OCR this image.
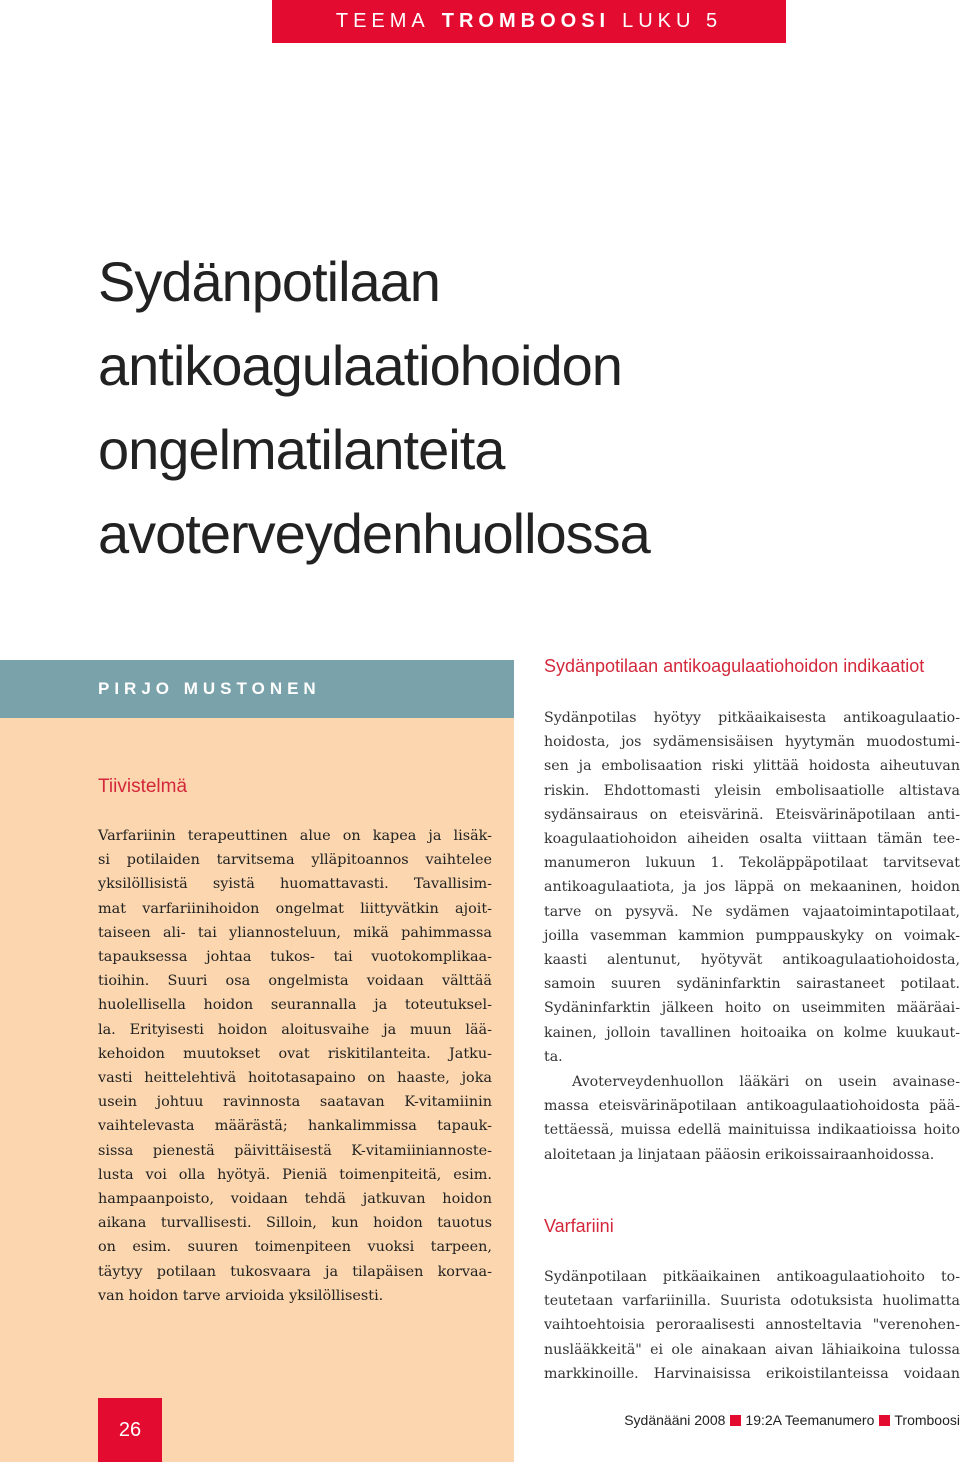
TEEMA TROMBOOSI LUKU 5
Sydänpotilaan
antikoagulaatiohoidon
ongelmatilanteita
avoterveydenhuollossa
PIRJO MUSTONEN
Tiivistelmä

Varfariinin terapeuttinen alue on kapea ja lisäk-

si potilaiden tarvitsema ylläpitoannos vaihtelee

yksilöllisistä syistä huomattavasti. Tavallisim-

mat varfariinihoidon ongelmat liittyvätkin ajoit-

taiseen ali- tai yliannosteluun, mikä pahimmassa

tapauksessa johtaa tukos- tai vuotokomplikaa-

tioihin. Suuri osa ongelmista voidaan välttää

huolellisella hoidon seurannalla ja toteutuksel-

la. Erityisesti hoidon aloitusvaihe ja muun lää-

kehoidon muutokset ovat riskitilanteita. Jatku-

vasti heittelehtivä hoitotasapaino on haaste, joka

usein johtuu ravinnosta saatavan K-vitamiinin

vaihtelevasta määrästä; hankalimmissa tapauk-

sissa pienestä päivittäisestä K-vitamiiniannoste-

lusta voi olla hyötyä. Pieniä toimenpiteitä, esim.

hampaanpoisto, voidaan tehdä jatkuvan hoidon

aikana turvallisesti. Silloin, kun hoidon tauotus

on esim. suuren toimenpiteen vuoksi tarpeen,

täytyy potilaan tukosvaara ja tilapäisen korvaa-

van hoidon tarve arvioida yksilöllisesti.

26
Sydänpotilaan antikoagulaatiohoidon indikaatiot

Sydänpotilas hyötyy pitkäaikaisesta antikoagulaatio-

hoidosta, jos sydämensisäisen hyytymän muodostumi-

sen ja embolisaation riski ylittää hoidosta aiheutuvan

riskin. Ehdottomasti yleisin embolisaatiolle altistava

sydänsairaus on eteisvärinä. Eteisvärinäpotilaan anti-

koagulaatiohoidon aiheiden osalta viittaan tämän tee-

manumeron lukuun 1. Tekoläppäpotilaat tarvitsevat

antikoagulaatiota, ja jos läppä on mekaaninen, hoidon

tarve on pysyvä. Ne sydämen vajaatoimintapotilaat,

joilla vasemman kammion pumppauskyky on voimak-

kaasti alentunut, hyötyvät antikoagulaatiohoidosta,

samoin suuren sydäninfarktin sairastaneet potilaat.

Sydäninfarktin jälkeen hoito on useimmiten määräai-

kainen, jolloin tavallinen hoitoaika on kolme kuukaut-

ta.

Avoterveydenhuollon lääkäri on usein avainase-

massa eteisvärinäpotilaan antikoagulaatiohoidosta pää-

tettäessä, muissa edellä mainituissa indikaatioissa hoito

aloitetaan ja linjataan pääosin erikoissairaanhoidossa.

Varfariini

Sydänpotilaan pitkäaikainen antikoagulaatiohoito to-

teutetaan varfariinilla. Suurista odotuksista huolimatta

vaihtoehtoisia peroraalisesti annosteltavia "verenohen-

nuslääkkeitä" ei ole ainakaan aivan lähiaikoina tulossa

markkinoille. Harvinaisissa erikoistilanteissa voidaan

Sydänääni 2008 19:2A Teemanumero Tromboosi
